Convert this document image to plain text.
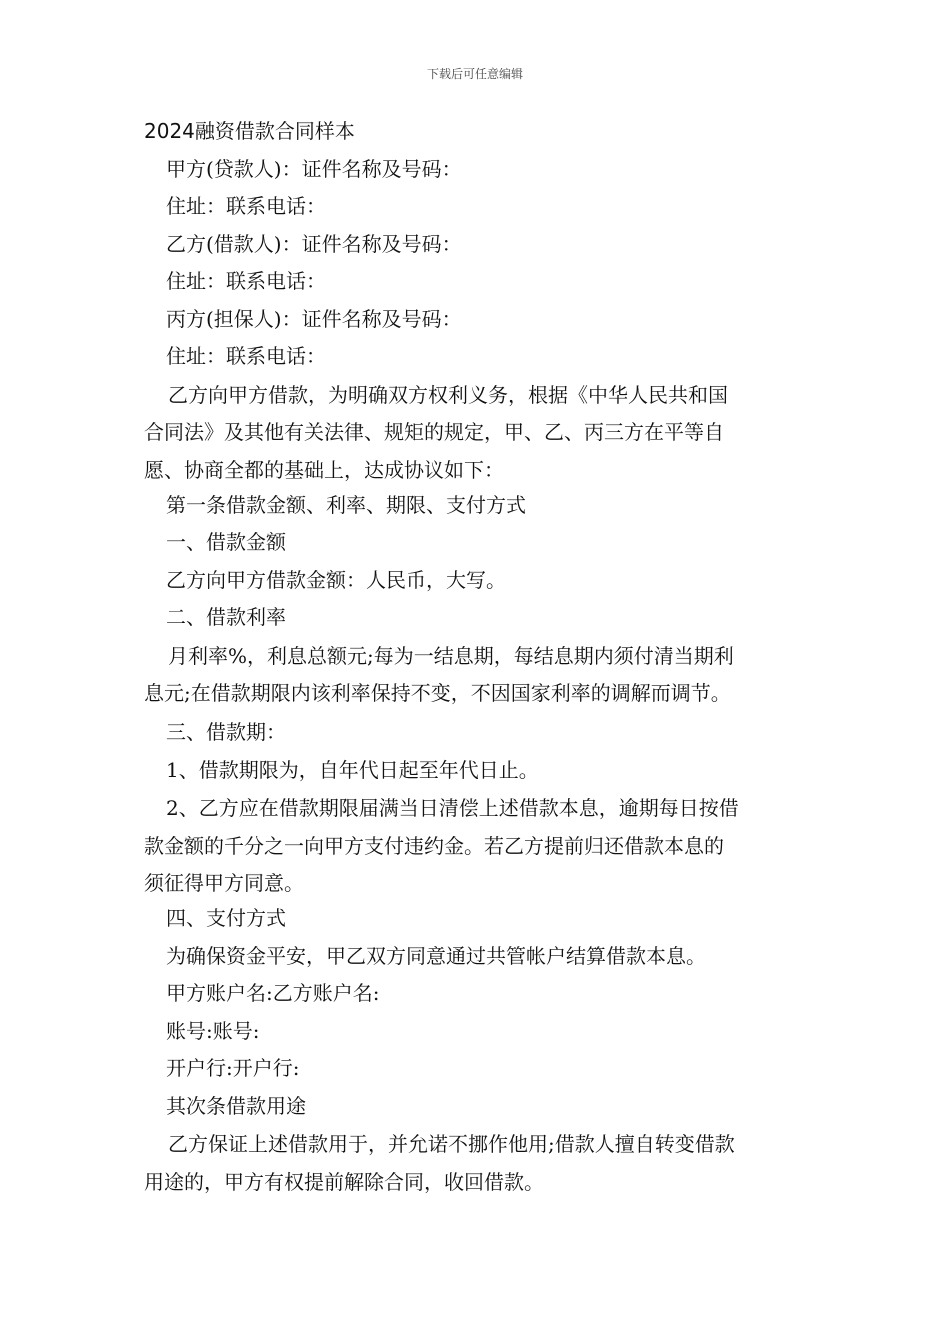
下载后可任意编辑

2024融资借款合同样本

甲方(贷款人)：证件名称及号码：

住址：联系电话：

乙方(借款人)：证件名称及号码：

住址：联系电话：

丙方(担保人)：证件名称及号码：

住址：联系电话：

乙方向甲方借款，为明确双方权利义务，根据《中华人民共和国
合同法》及其他有关法律、规矩的规定，甲、乙、丙三方在平等自
愿、协商全都的基础上，达成协议如下：

第一条借款金额、利率、期限、支付方式

一、借款金额

乙方向甲方借款金额：人民币，大写。

二、借款利率

月利率%，利息总额元;每为一结息期，每结息期内须付清当期利
息元;在借款期限内该利率保持不变，不因国家利率的调解而调节。

三、借款期：

1、借款期限为，自年代日起至年代日止。

2、乙方应在借款期限届满当日清偿上述借款本息，逾期每日按借
款金额的千分之一向甲方支付违约金。若乙方提前归还借款本息的
须征得甲方同意。

四、支付方式

为确保资金平安，甲乙双方同意通过共管帐户结算借款本息。

甲方账户名:乙方账户名:

账号:账号:

开户行:开户行:

其次条借款用途

乙方保证上述借款用于，并允诺不挪作他用;借款人擅自转变借款
用途的，甲方有权提前解除合同，收回借款。
